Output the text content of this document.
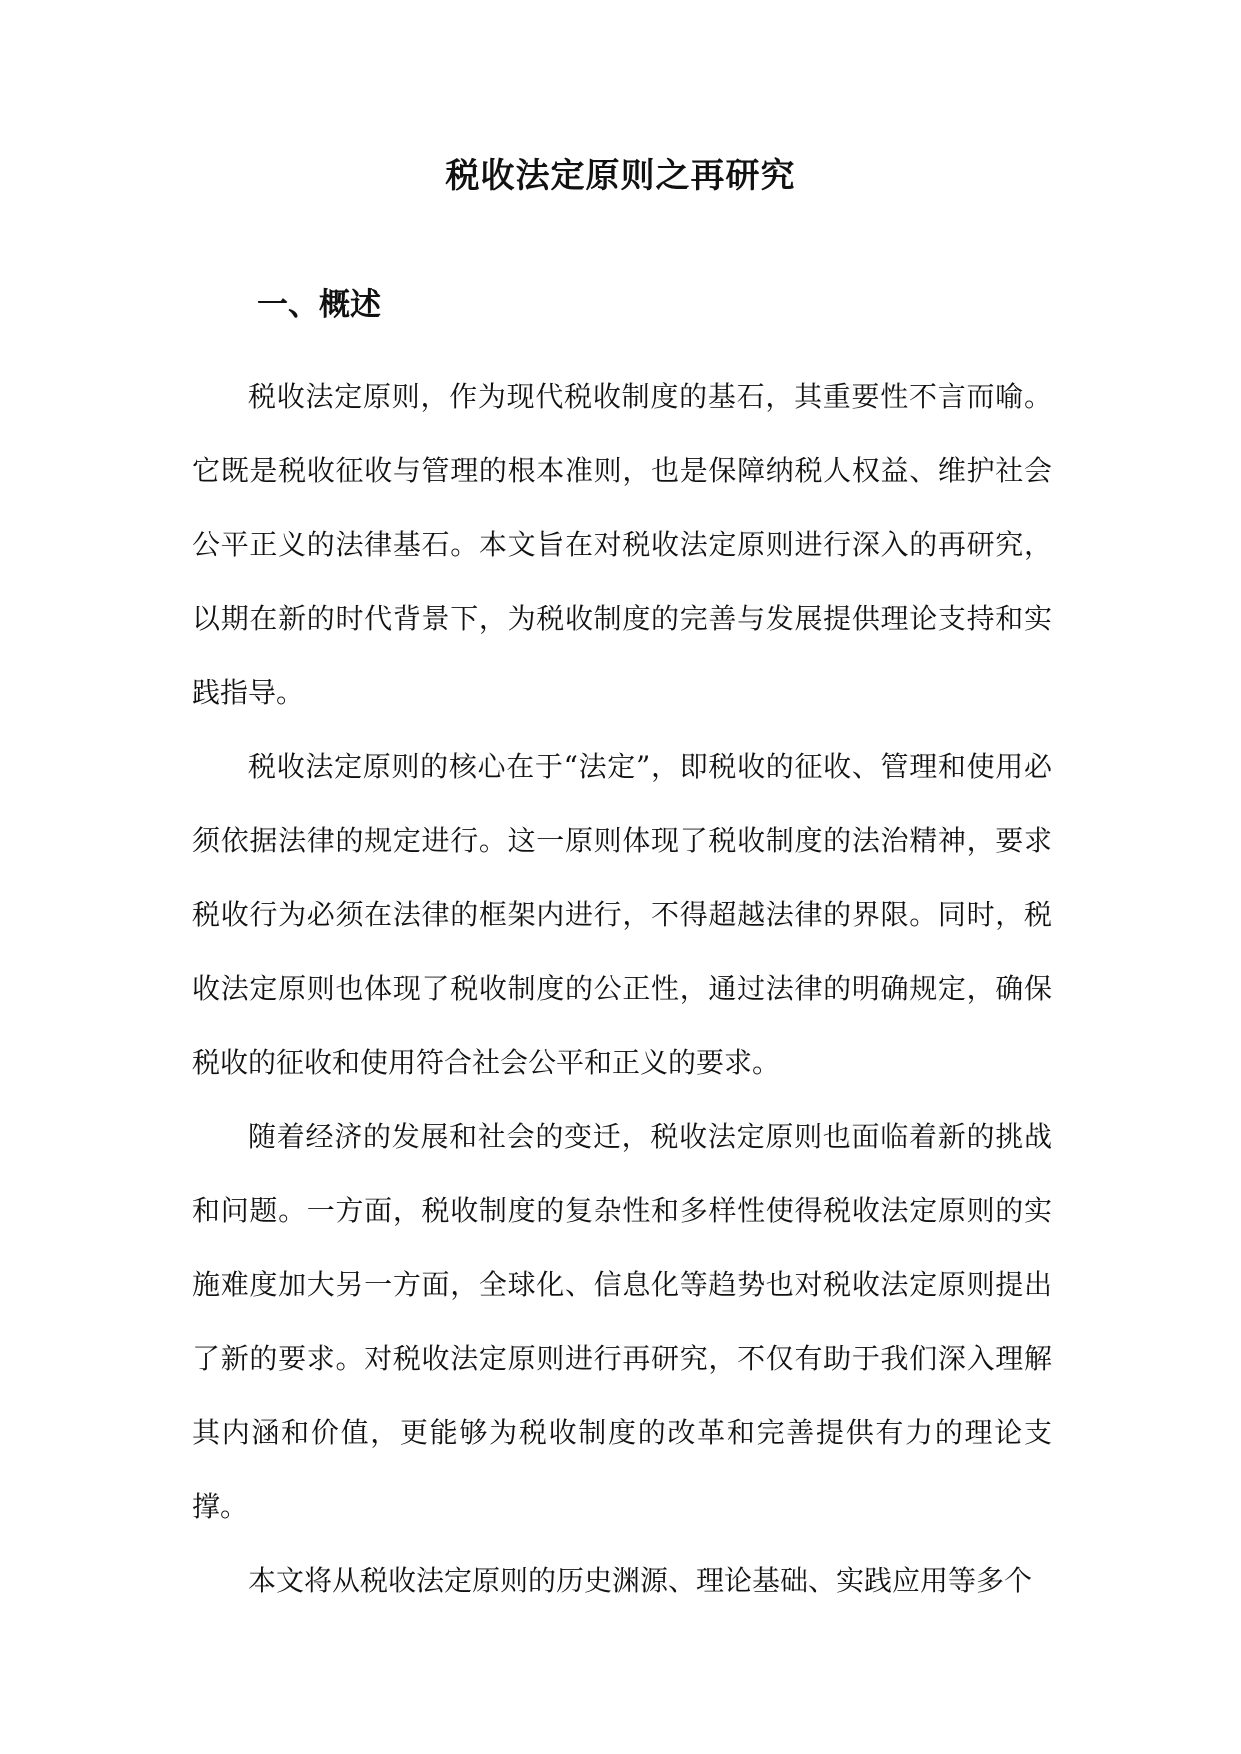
税收法定原则之再研究
一、概述

税收法定原则，作为现代税收制度的基石，其重要性不言而喻。它既是税收征收与管理的根本准则，也是保障纳税人权益、维护社会公平正义的法律基石。本文旨在对税收法定原则进行深入的再研究，以期在新的时代背景下，为税收制度的完善与发展提供理论支持和实践指导。

税收法定原则的核心在于“法定”，即税收的征收、管理和使用必须依据法律的规定进行。这一原则体现了税收制度的法治精神，要求税收行为必须在法律的框架内进行，不得超越法律的界限。同时，税收法定原则也体现了税收制度的公正性，通过法律的明确规定，确保税收的征收和使用符合社会公平和正义的要求。

随着经济的发展和社会的变迁，税收法定原则也面临着新的挑战和问题。一方面，税收制度的复杂性和多样性使得税收法定原则的实施难度加大另一方面，全球化、信息化等趋势也对税收法定原则提出了新的要求。对税收法定原则进行再研究，不仅有助于我们深入理解其内涵和价值，更能够为税收制度的改革和完善提供有力的理论支撑。

本文将从税收法定原则的历史渊源、理论基础、实践应用等多个
